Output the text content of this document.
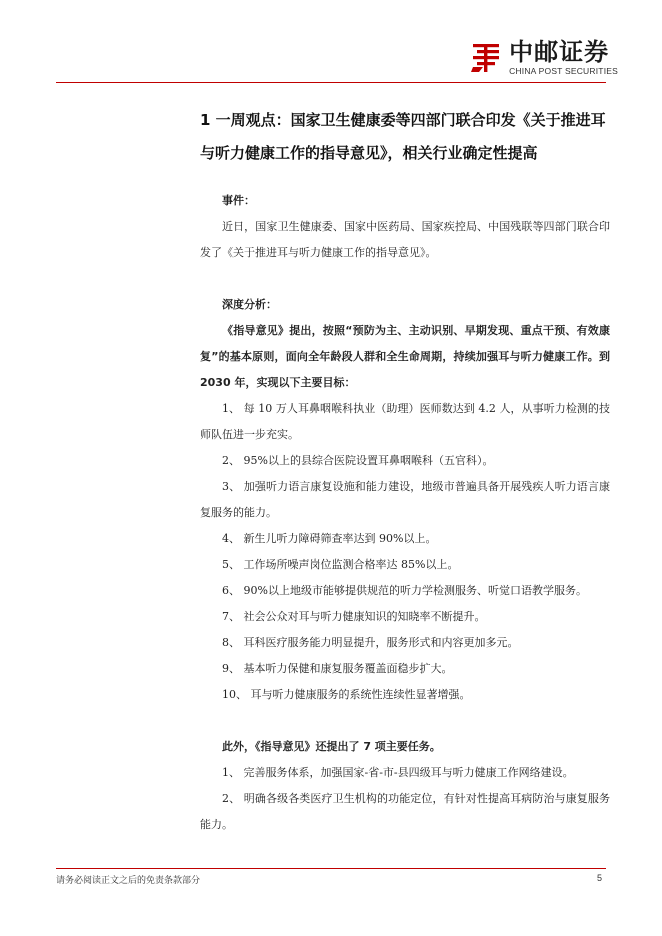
中邮证券
CHINA POST SECURITIES
1 一周观点：国家卫生健康委等四部门联合印发《关于推进耳与听力健康工作的指导意见》，相关行业确定性提高

事件：

近日，国家卫生健康委、国家中医药局、国家疾控局、中国残联等四部门联合印发了《关于推进耳与听力健康工作的指导意见》。

深度分析：

《指导意见》提出，按照“预防为主、主动识别、早期发现、重点干预、有效康复”的基本原则，面向全年龄段人群和全生命周期，持续加强耳与听力健康工作。到 2030 年，实现以下主要目标：

1、 每 10 万人耳鼻咽喉科执业（助理）医师数达到 4.2 人，从事听力检测的技师队伍进一步充实。

2、 95%以上的县综合医院设置耳鼻咽喉科（五官科）。

3、 加强听力语言康复设施和能力建设，地级市普遍具备开展残疾人听力语言康复服务的能力。

4、 新生儿听力障碍筛查率达到 90%以上。

5、 工作场所噪声岗位监测合格率达 85%以上。

6、 90%以上地级市能够提供规范的听力学检测服务、听觉口语教学服务。

7、 社会公众对耳与听力健康知识的知晓率不断提升。

8、 耳科医疗服务能力明显提升，服务形式和内容更加多元。

9、 基本听力保健和康复服务覆盖面稳步扩大。

10、 耳与听力健康服务的系统性连续性显著增强。

此外，《指导意见》还提出了 7 项主要任务。

1、 完善服务体系，加强国家-省-市-县四级耳与听力健康工作网络建设。

2、 明确各级各类医疗卫生机构的功能定位，有针对性提高耳病防治与康复服务能力。

请务必阅读正文之后的免责条款部分	5
